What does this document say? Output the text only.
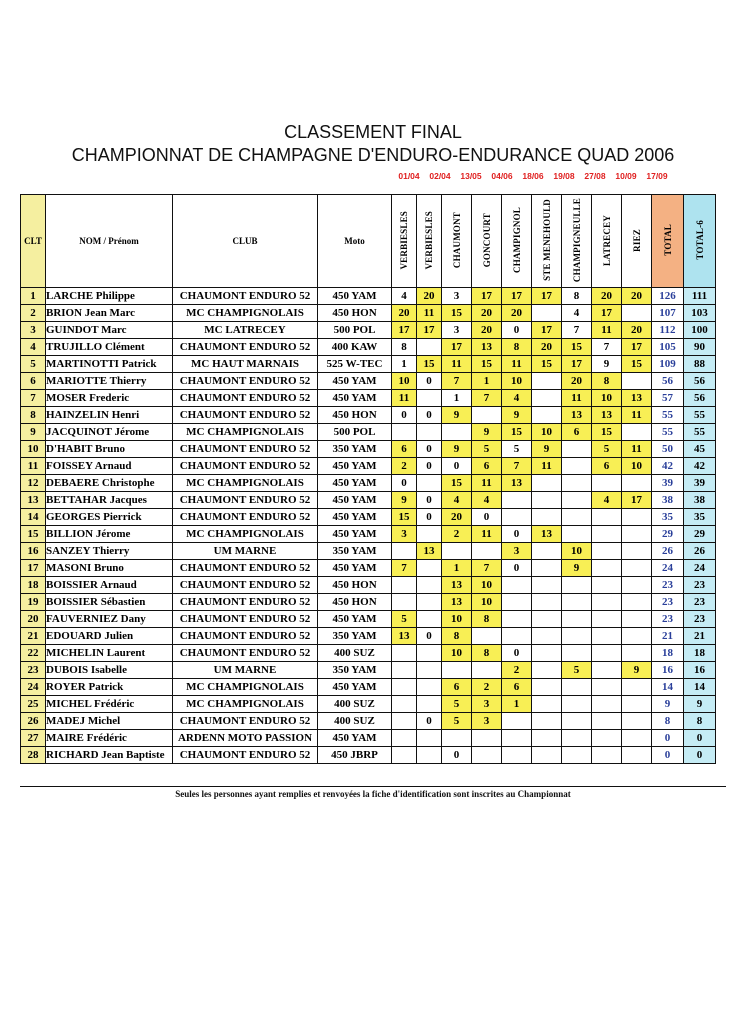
CLASSEMENT FINAL
CHAMPIONNAT DE CHAMPAGNE D'ENDURO-ENDURANCE QUAD 2006
01/04	02/04	13/05	04/06	18/06	19/08	27/08	10/09	17/09
CLT	NOM / Prénom	CLUB	Moto	VERBIESLES	VERBIESLES	CHAUMONT	GONCOURT	CHAMPIGNOL	STE MENEHOULD	CHAMPIGNEULLE	LATRECEY	RIEZ	TOTAL	TOTAL-6
1	LARCHE Philippe	CHAUMONT ENDURO 52	450 YAM	4	20	3	17	17	17	8	20	20	126	111
2	BRION Jean Marc	MC CHAMPIGNOLAIS	450 HON	20	11	15	20	20		4	17		107	103
3	GUINDOT Marc	MC LATRECEY	500 POL	17	17	3	20	0	17	7	11	20	112	100
4	TRUJILLO Clément	CHAUMONT ENDURO 52	400 KAW	8		17	13	8	20	15	7	17	105	90
5	MARTINOTTI Patrick	MC HAUT MARNAIS	525 W-TEC	1	15	11	15	11	15	17	9	15	109	88
6	MARIOTTE Thierry	CHAUMONT ENDURO 52	450 YAM	10	0	7	1	10		20	8		56	56
7	MOSER Frederic	CHAUMONT ENDURO 52	450 YAM	11		1	7	4		11	10	13	57	56
8	HAINZELIN Henri	CHAUMONT ENDURO 52	450 HON	0	0	9		9		13	13	11	55	55
9	JACQUINOT Jérome	MC CHAMPIGNOLAIS	500 POL				9	15	10	6	15		55	55
10	D'HABIT Bruno	CHAUMONT ENDURO 52	350 YAM	6	0	9	5	5	9		5	11	50	45
11	FOISSEY Arnaud	CHAUMONT ENDURO 52	450 YAM	2	0	0	6	7	11		6	10	42	42
12	DEBAERE Christophe	MC CHAMPIGNOLAIS	450 YAM	0		15	11	13					39	39
13	BETTAHAR Jacques	CHAUMONT ENDURO 52	450 YAM	9	0	4	4				4	17	38	38
14	GEORGES Pierrick	CHAUMONT ENDURO 52	450 YAM	15	0	20	0						35	35
15	BILLION Jérome	MC CHAMPIGNOLAIS	450 YAM	3		2	11	0	13				29	29
16	SANZEY Thierry	UM MARNE	350 YAM		13			3		10			26	26
17	MASONI Bruno	CHAUMONT ENDURO 52	450 YAM	7		1	7	0		9			24	24
18	BOISSIER Arnaud	CHAUMONT ENDURO 52	450 HON			13	10						23	23
19	BOISSIER Sébastien	CHAUMONT ENDURO 52	450 HON			13	10						23	23
20	FAUVERNIEZ Dany	CHAUMONT ENDURO 52	450 YAM	5		10	8						23	23
21	EDOUARD Julien	CHAUMONT ENDURO 52	350 YAM	13	0	8							21	21
22	MICHELIN Laurent	CHAUMONT ENDURO 52	400 SUZ			10	8	0					18	18
23	DUBOIS Isabelle	UM MARNE	350 YAM					2		5		9	16	16
24	ROYER Patrick	MC CHAMPIGNOLAIS	450 YAM			6	2	6					14	14
25	MICHEL Frédéric	MC CHAMPIGNOLAIS	400 SUZ			5	3	1					9	9
26	MADEJ Michel	CHAUMONT ENDURO 52	400 SUZ		0	5	3						8	8
27	MAIRE Frédéric	ARDENN MOTO PASSION	450 YAM										0	0
28	RICHARD Jean Baptiste	CHAUMONT ENDURO 52	450 JBRP			0							0	0
Seules les personnes ayant remplies et renvoyées la fiche d'identification sont inscrites au Championnat
